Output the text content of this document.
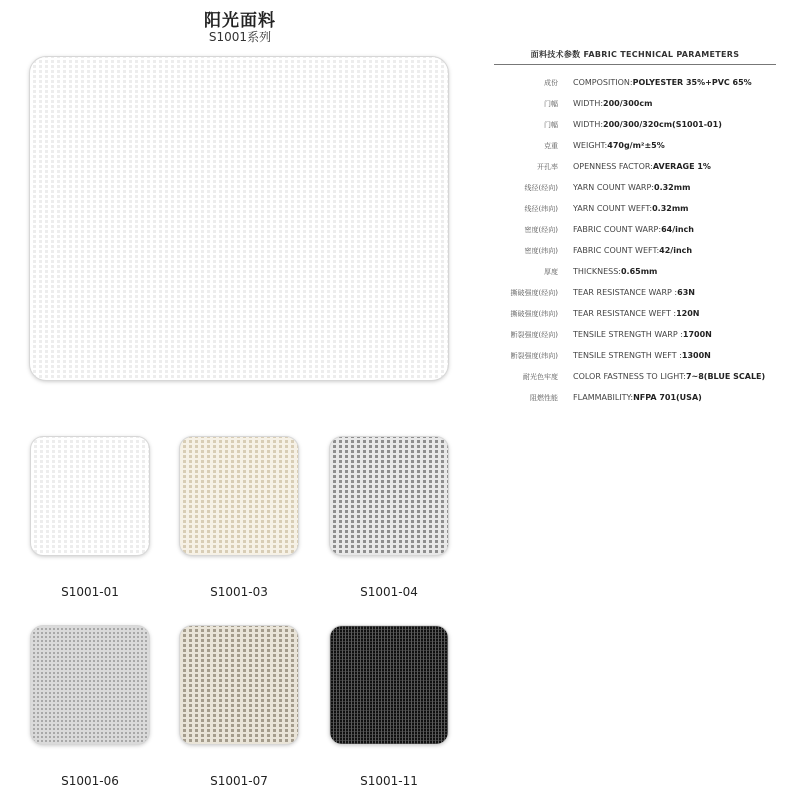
阳光面料
S1001系列
面料技术参数 FABRIC TECHNICAL PARAMETERS
成份 COMPOSITION:POLYESTER 35%+PVC 65%
门幅 WIDTH:200/300cm
门幅 WIDTH:200/300/320cm(S1001-01)
克重 WEIGHT:470g/m²±5%
开孔率 OPENNESS FACTOR:AVERAGE 1%
线径(经向) YARN COUNT WARP:0.32mm
线径(纬向) YARN COUNT WEFT:0.32mm
密度(经向) FABRIC COUNT WARP:64/inch
密度(纬向) FABRIC COUNT WEFT:42/inch
厚度 THICKNESS:0.65mm
撕破强度(经向) TEAR RESISTANCE WARP :63N
撕破强度(纬向) TEAR RESISTANCE WEFT :120N
断裂强度(经向) TENSILE STRENGTH WARP :1700N
断裂强度(纬向) TENSILE STRENGTH WEFT :1300N
耐光色牢度 COLOR FASTNESS TO LIGHT:7~8(BLUE SCALE)
阻燃性能 FLAMMABILITY:NFPA 701(USA)
S1001-01	S1001-03	S1001-04
S1001-06	S1001-07	S1001-11
